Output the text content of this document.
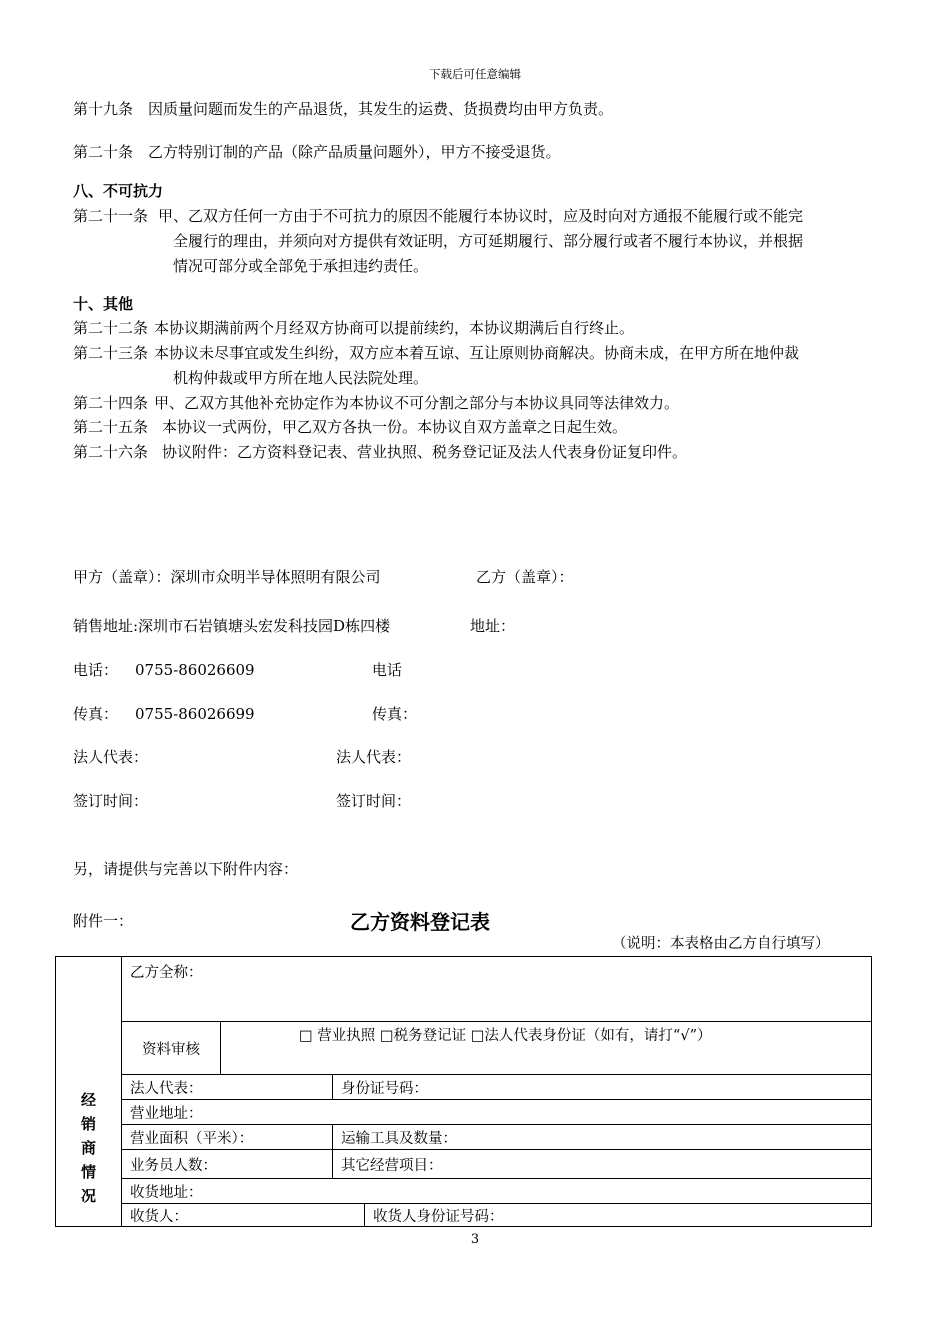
下载后可任意编辑
第十九条 因质量问题而发生的产品退货，其发生的运费、货损费均由甲方负责。
第二十条 乙方特别订制的产品（除产品质量问题外），甲方不接受退货。
八、不可抗力
第二十一条 甲、乙双方任何一方由于不可抗力的原因不能履行本协议时，应及时向对方通报不能履行或不能完
全履行的理由，并须向对方提供有效证明，方可延期履行、部分履行或者不履行本协议，并根据
情况可部分或全部免于承担违约责任。
十、其他
第二十二条 本协议期满前两个月经双方协商可以提前续约，本协议期满后自行终止。
第二十三条 本协议未尽事宜或发生纠纷，双方应本着互谅、互让原则协商解决。协商未成，在甲方所在地仲裁
机构仲裁或甲方所在地人民法院处理。
第二十四条 甲、乙双方其他补充协定作为本协议不可分割之部分与本协议具同等法律效力。
第二十五条 本协议一式两份，甲乙双方各执一份。本协议自双方盖章之日起生效。
第二十六条 协议附件：乙方资料登记表、营业执照、税务登记证及法人代表身份证复印件。
甲方（盖章）：深圳市众明半导体照明有限公司	乙方（盖章）：
销售地址:深圳市石岩镇塘头宏发科技园D栋四楼	地址：
电话： 0755-86026609	电话
传真： 0755-86026699	传真：
法人代表：	法人代表：
签订时间：	签订时间：
另，请提供与完善以下附件内容：
附件一：	乙方资料登记表
（说明：本表格由乙方自行填写）
经
销
商
情
况	乙方全称：			
	资料审核	□ 营业执照 □税务登记证 □法人代表身份证（如有，请打“√”）		
	法人代表：		身份证号码：	
	营业地址：			
	营业面积（平米）：		运输工具及数量：	
	业务员人数：		其它经营项目：	
	收货地址：			
	收货人：			收货人身份证号码：
3
